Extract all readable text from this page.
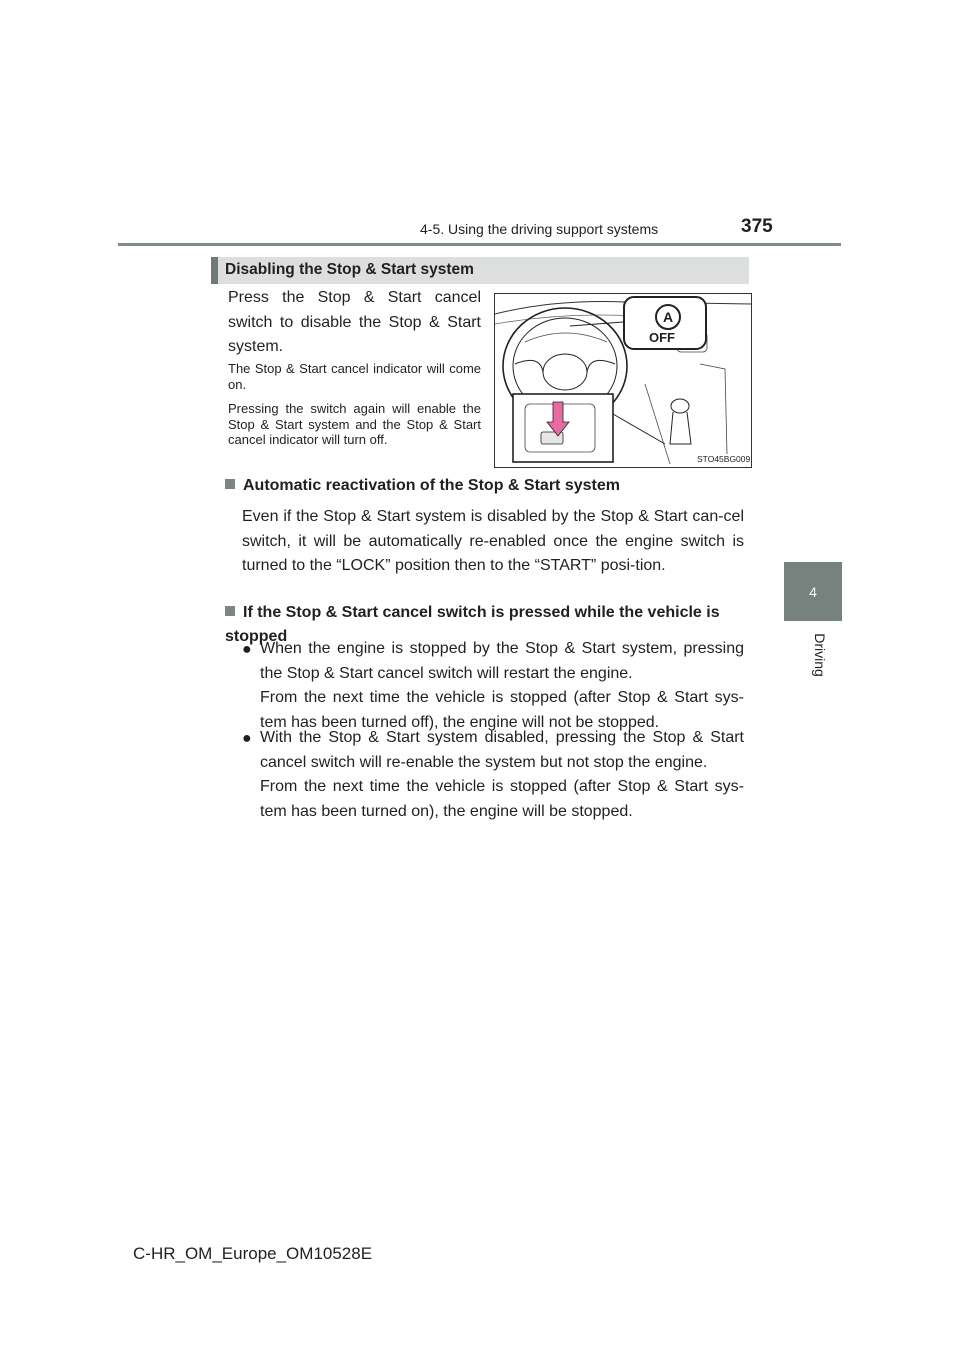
4-5. Using the driving support systems	375
4
Driving
Disabling the Stop & Start system
Press the Stop & Start cancel switch to disable the Stop & Start system.
The Stop & Start cancel indicator will come on.
Pressing the switch again will enable the Stop & Start system and the Stop & Start cancel indicator will turn off.
A
OFF
STO45BG009
Automatic reactivation of the Stop & Start system
Even if the Stop & Start system is disabled by the Stop & Start can-cel switch, it will be automatically re-enabled once the engine switch is turned to the “LOCK” position then to the “START” posi-tion.
If the Stop & Start cancel switch is pressed while the vehicle is stopped
● When the engine is stopped by the Stop & Start system, pressing the Stop & Start cancel switch will restart the engine.
From the next time the vehicle is stopped (after Stop & Start sys-tem has been turned off), the engine will not be stopped.
● With the Stop & Start system disabled, pressing the Stop & Start cancel switch will re-enable the system but not stop the engine.
From the next time the vehicle is stopped (after Stop & Start sys-tem has been turned on), the engine will be stopped.
C-HR_OM_Europe_OM10528E
